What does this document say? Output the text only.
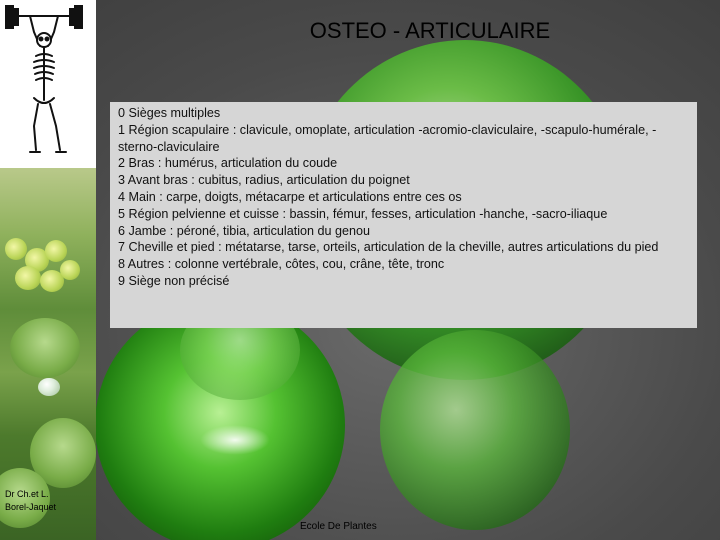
OSTEO - ARTICULAIRE

0 Sièges multiples

1 Région scapulaire : clavicule, omoplate, articulation -acromio-claviculaire, -scapulo-humérale, -sterno-claviculaire

2 Bras : humérus, articulation du coude

3 Avant bras : cubitus, radius, articulation du poignet

4 Main : carpe, doigts, métacarpe et articulations entre ces os

5 Région pelvienne et cuisse : bassin, fémur, fesses, articulation -hanche, -sacro-iliaque

6 Jambe : péroné, tibia, articulation du genou

7 Cheville et pied : métatarse, tarse, orteils, articulation de la cheville, autres articulations du pied

8 Autres : colonne vertébrale, côtes, cou, crâne, tête, tronc

9 Siège non précisé

Dr Ch.et L.
Borel-Jaquet
Ecole De Plantes
